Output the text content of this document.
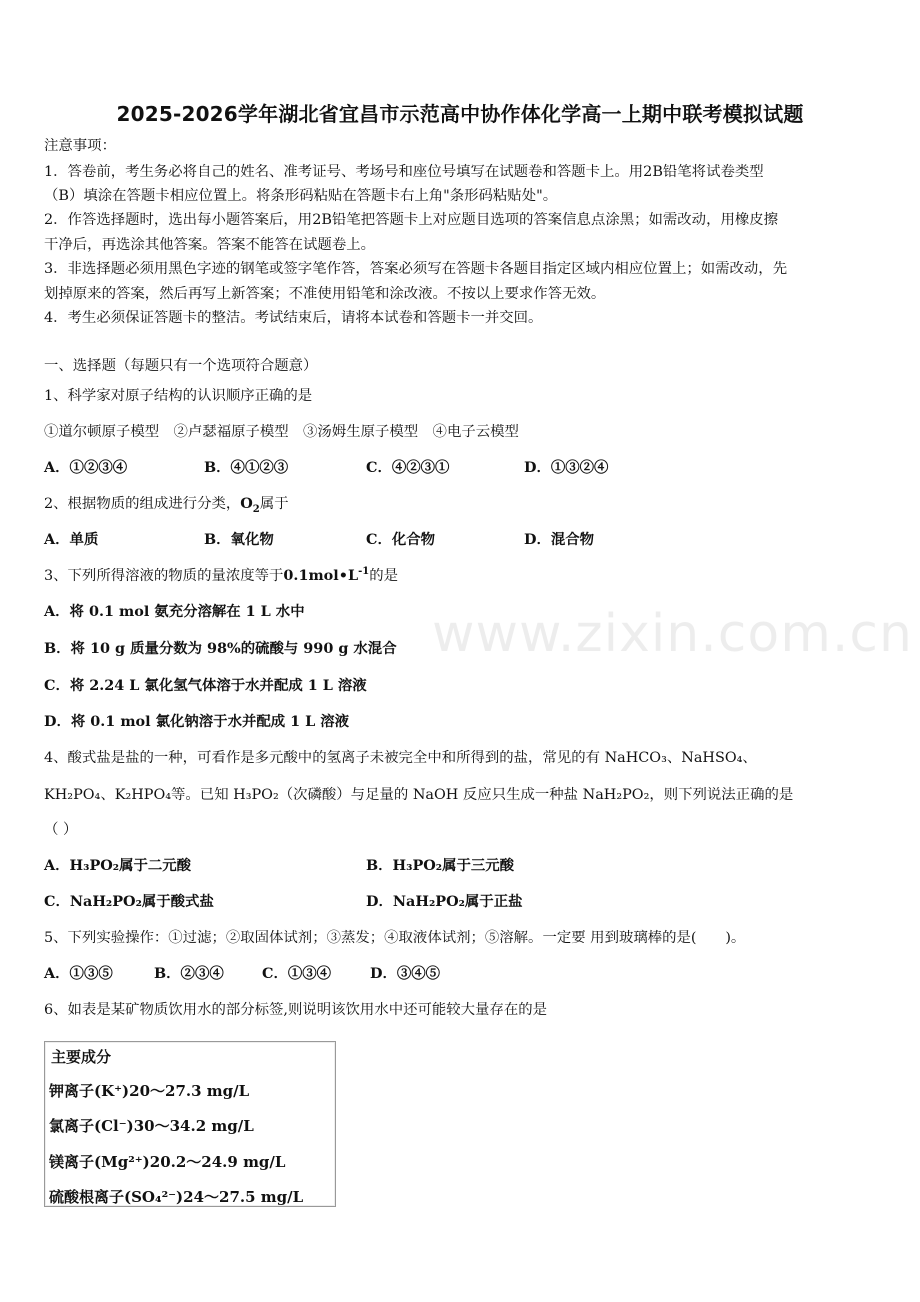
2025-2026学年湖北省宜昌市示范高中协作体化学高一上期中联考模拟试题
注意事项：
1．答卷前，考生务必将自己的姓名、准考证号、考场号和座位号填写在试题卷和答题卡上。用2B铅笔将试卷类型
（B）填涂在答题卡相应位置上。将条形码粘贴在答题卡右上角"条形码粘贴处"。
2．作答选择题时，选出每小题答案后，用2B铅笔把答题卡上对应题目选项的答案信息点涂黑；如需改动，用橡皮擦
干净后，再选涂其他答案。答案不能答在试题卷上。
3．非选择题必须用黑色字迹的钢笔或签字笔作答，答案必须写在答题卡各题目指定区域内相应位置上；如需改动，先
划掉原来的答案，然后再写上新答案；不准使用铅笔和涂改液。不按以上要求作答无效。
4．考生必须保证答题卡的整洁。考试结束后，请将本试卷和答题卡一并交回。
一、选择题（每题只有一个选项符合题意）
1、科学家对原子结构的认识顺序正确的是
①道尔顿原子模型　②卢瑟福原子模型　③汤姆生原子模型　④电子云模型
A．①②③④	B．④①②③	C．④②③①	D．①③②④
2、根据物质的组成进行分类，$O_2$属于
A．单质	B．氧化物	C．化合物	D．混合物
3、下列所得溶液的物质的量浓度等于$0.1mol•L^{-1}$的是
A．将 0.1 mol 氨充分溶解在 1 L 水中
B．将 10 g 质量分数为 98%的硫酸与 990 g 水混合
C．将 2.24 L 氯化氢气体溶于水并配成 1 L 溶液
D．将 0.1 mol 氯化钠溶于水并配成 1 L 溶液
www.zixin.com.cn
4、酸式盐是盐的一种，可看作是多元酸中的氢离子未被完全中和所得到的盐，常见的有 NaHCO₃、NaHSO₄、
KH₂PO₄、K₂HPO₄等。已知 H₃PO₂（次磷酸）与足量的 NaOH 反应只生成一种盐 NaH₂PO₂，则下列说法正确的是
（ ）
A．H₃PO₂属于二元酸	B．H₃PO₂属于三元酸
C．NaH₂PO₂属于酸式盐	D．NaH₂PO₂属于正盐
5、下列实验操作：①过滤；②取固体试剂；③蒸发；④取液体试剂；⑤溶解。一定要 用到玻璃棒的是(　　)。
A．①③⑤	B．②③④	C．①③④	D．③④⑤
6、如表是某矿物质饮用水的部分标签,则说明该饮用水中还可能较大量存在的是
主要成分
钾离子(K⁺)20～27.3 mg/L
氯离子(Cl⁻)30～34.2 mg/L
镁离子(Mg²⁺)20.2～24.9 mg/L
硫酸根离子(SO₄²⁻)24～27.5 mg/L
